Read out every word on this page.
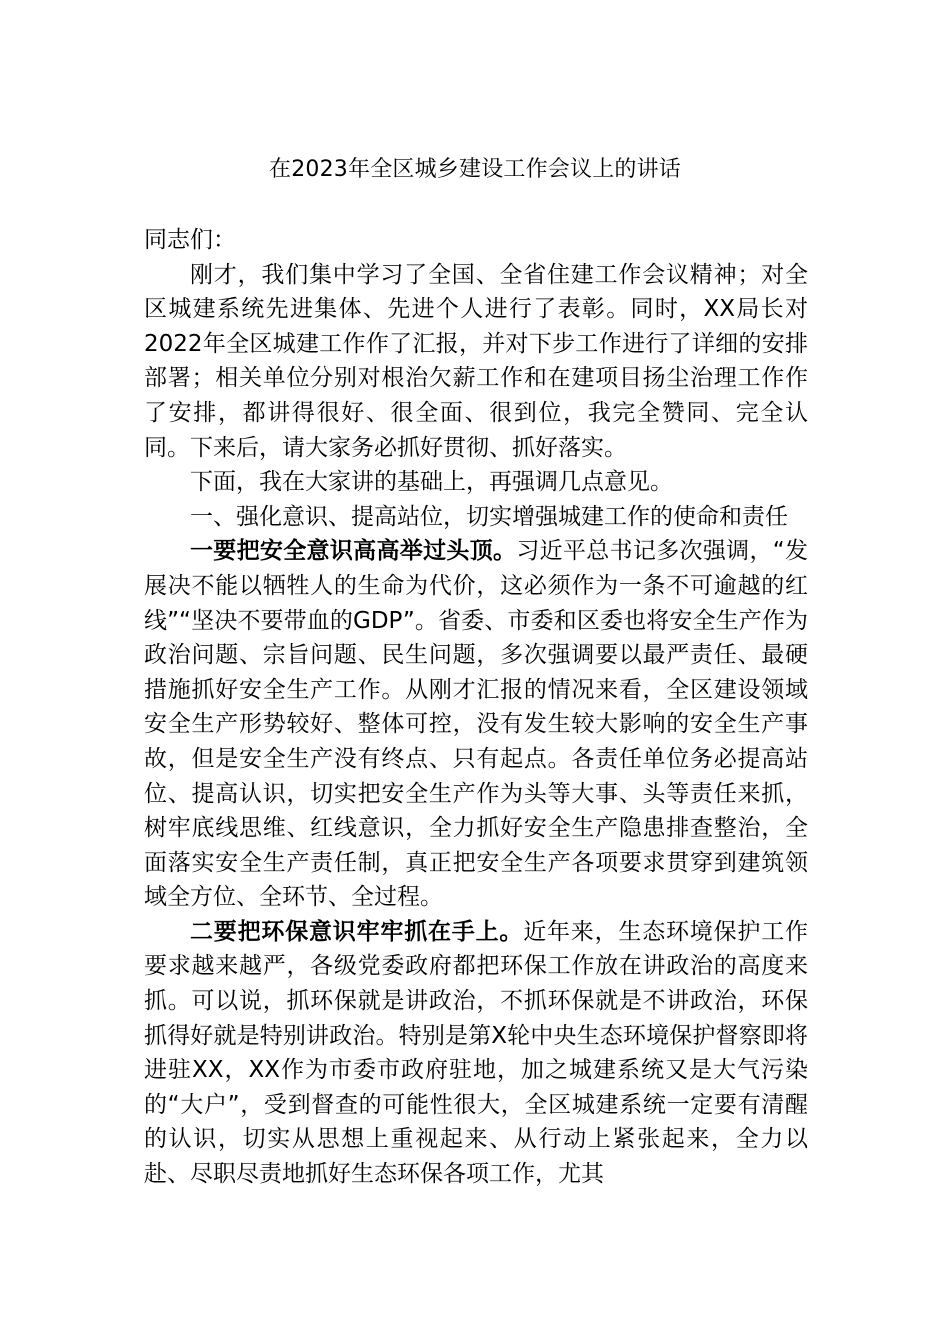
在2023年全区城乡建设工作会议上的讲话

同志们：

刚才，我们集中学习了全国、全省住建工作会议精神；对全区城建系统先进集体、先进个人进行了表彰。同时，XX局长对2022年全区城建工作作了汇报，并对下步工作进行了详细的安排部署；相关单位分别对根治欠薪工作和在建项目扬尘治理工作作了安排，都讲得很好、很全面、很到位，我完全赞同、完全认同。下来后，请大家务必抓好贯彻、抓好落实。

下面，我在大家讲的基础上，再强调几点意见。

一、强化意识、提高站位，切实增强城建工作的使命和责任

一要把安全意识高高举过头顶。习近平总书记多次强调，“发展决不能以牺牲人的生命为代价，这必须作为一条不可逾越的红线”“坚决不要带血的GDP”。省委、市委和区委也将安全生产作为政治问题、宗旨问题、民生问题，多次强调要以最严责任、最硬措施抓好安全生产工作。从刚才汇报的情况来看，全区建设领域安全生产形势较好、整体可控，没有发生较大影响的安全生产事故，但是安全生产没有终点、只有起点。各责任单位务必提高站位、提高认识，切实把安全生产作为头等大事、头等责任来抓，树牢底线思维、红线意识，全力抓好安全生产隐患排查整治，全面落实安全生产责任制，真正把安全生产各项要求贯穿到建筑领域全方位、全环节、全过程。

二要把环保意识牢牢抓在手上。近年来，生态环境保护工作要求越来越严，各级党委政府都把环保工作放在讲政治的高度来抓。可以说，抓环保就是讲政治，不抓环保就是不讲政治，环保抓得好就是特别讲政治。特别是第X轮中央生态环境保护督察即将进驻XX，XX作为市委市政府驻地，加之城建系统又是大气污染的“大户”，受到督查的可能性很大，全区城建系统一定要有清醒的认识，切实从思想上重视起来、从行动上紧张起来，全力以赴、尽职尽责地抓好生态环保各项工作，尤其
